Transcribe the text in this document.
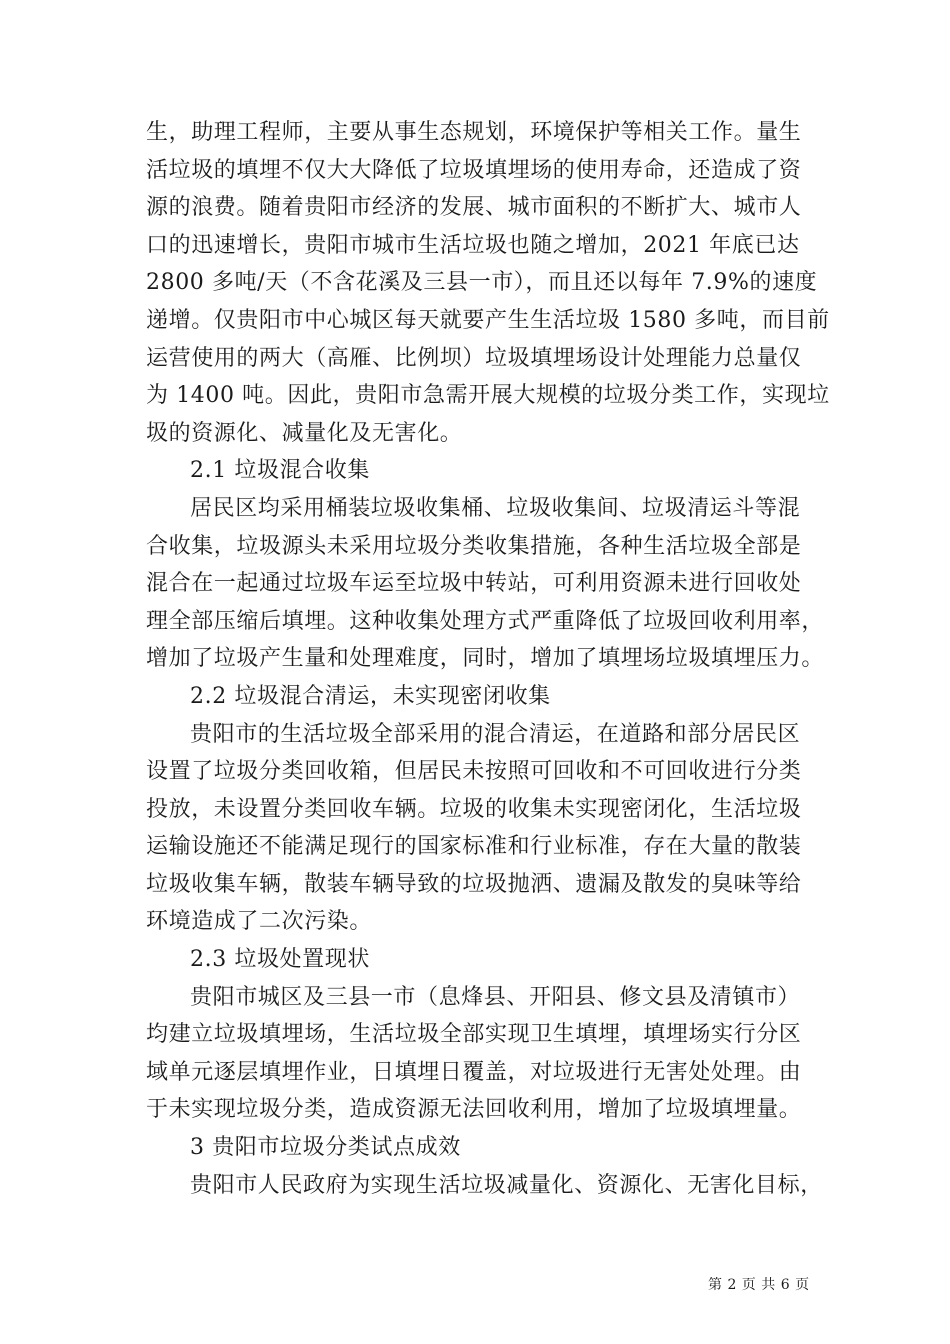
生，助理工程师，主要从事生态规划，环境保护等相关工作。量生
活垃圾的填埋不仅大大降低了垃圾填埋场的使用寿命，还造成了资
源的浪费。随着贵阳市经济的发展、城市面积的不断扩大、城市人
口的迅速增长，贵阳市城市生活垃圾也随之增加，2021 年底已达
2800 多吨/天（不含花溪及三县一市），而且还以每年 7.9%的速度
递增。仅贵阳市中心城区每天就要产生生活垃圾 1580 多吨，而目前
运营使用的两大（高雁、比例坝）垃圾填埋场设计处理能力总量仅
为 1400 吨。因此，贵阳市急需开展大规模的垃圾分类工作，实现垃
圾的资源化、减量化及无害化。
2.1 垃圾混合收集
居民区均采用桶装垃圾收集桶、垃圾收集间、垃圾清运斗等混
合收集，垃圾源头未采用垃圾分类收集措施，各种生活垃圾全部是
混合在一起通过垃圾车运至垃圾中转站，可利用资源未进行回收处
理全部压缩后填埋。这种收集处理方式严重降低了垃圾回收利用率，
增加了垃圾产生量和处理难度，同时，增加了填埋场垃圾填埋压力。
2.2 垃圾混合清运，未实现密闭收集
贵阳市的生活垃圾全部采用的混合清运，在道路和部分居民区
设置了垃圾分类回收箱，但居民未按照可回收和不可回收进行分类
投放，未设置分类回收车辆。垃圾的收集未实现密闭化，生活垃圾
运输设施还不能满足现行的国家标准和行业标准，存在大量的散装
垃圾收集车辆，散装车辆导致的垃圾抛洒、遗漏及散发的臭味等给
环境造成了二次污染。
2.3 垃圾处置现状
贵阳市城区及三县一市（息烽县、开阳县、修文县及清镇市）
均建立垃圾填埋场，生活垃圾全部实现卫生填埋，填埋场实行分区
域单元逐层填埋作业，日填埋日覆盖，对垃圾进行无害处处理。由
于未实现垃圾分类，造成资源无法回收利用，增加了垃圾填埋量。
3 贵阳市垃圾分类试点成效
贵阳市人民政府为实现生活垃圾减量化、资源化、无害化目标，
第 2 页 共 6 页
